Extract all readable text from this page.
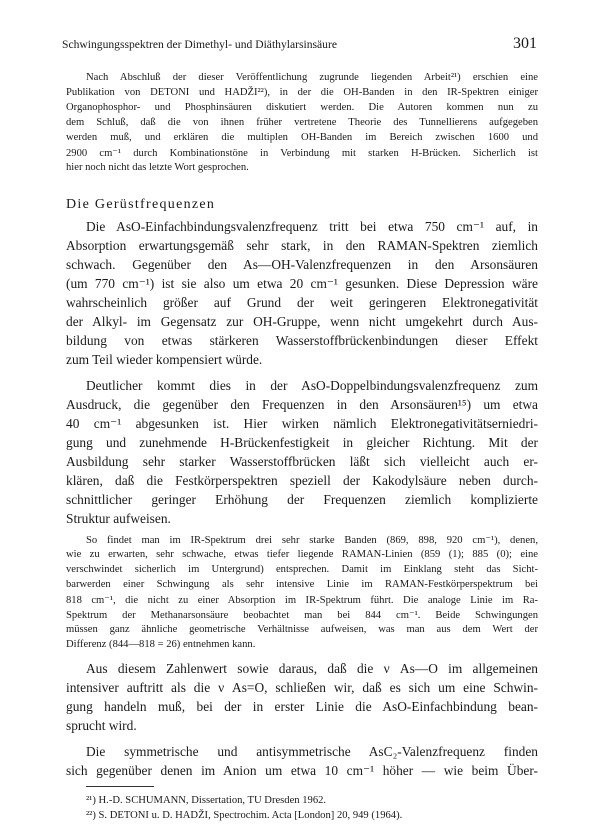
Schwingungsspektren der Dimethyl- und Diäthylarsinsäure	301
Nach Abschluß der dieser Veröffentlichung zugrunde liegenden Arbeit²¹) erschien eine
Publikation von DETONI und HADŽI²²), in der die OH-Banden in den IR-Spektren einiger
Organophosphor- und Phosphinsäuren diskutiert werden. Die Autoren kommen nun zu
dem Schluß, daß die von ihnen früher vertretene Theorie des Tunnellierens aufgegeben
werden muß, und erklären die multiplen OH-Banden im Bereich zwischen 1600 und
2900 cm⁻¹ durch Kombinationstöne in Verbindung mit starken H-Brücken. Sicherlich ist
hier noch nicht das letzte Wort gesprochen.
Die Gerüstfrequenzen
Die AsO-Einfachbindungsvalenzfrequenz tritt bei etwa 750 cm⁻¹ auf, in
Absorption erwartungsgemäß sehr stark, in den RAMAN-Spektren ziemlich
schwach. Gegenüber den As—OH-Valenzfrequenzen in den Arsonsäuren
(um 770 cm⁻¹) ist sie also um etwa 20 cm⁻¹ gesunken. Diese Depression wäre
wahrscheinlich größer auf Grund der weit geringeren Elektronegativität
der Alkyl- im Gegensatz zur OH-Gruppe, wenn nicht umgekehrt durch Aus-
bildung von etwas stärkeren Wasserstoffbrückenbindungen dieser Effekt
zum Teil wieder kompensiert würde.
Deutlicher kommt dies in der AsO-Doppelbindungsvalenzfrequenz zum
Ausdruck, die gegenüber den Frequenzen in den Arsonsäuren¹⁵) um etwa
40 cm⁻¹ abgesunken ist. Hier wirken nämlich Elektronegativitätserniedri-
gung und zunehmende H-Brückenfestigkeit in gleicher Richtung. Mit der
Ausbildung sehr starker Wasserstoffbrücken läßt sich vielleicht auch er-
klären, daß die Festkörperspektren speziell der Kakodylsäure neben durch-
schnittlicher geringer Erhöhung der Frequenzen ziemlich komplizierte
Struktur aufweisen.
So findet man im IR-Spektrum drei sehr starke Banden (869, 898, 920 cm⁻¹), denen,
wie zu erwarten, sehr schwache, etwas tiefer liegende RAMAN-Linien (859 (1); 885 (0); eine
verschwindet sicherlich im Untergrund) entsprechen. Damit im Einklang steht das Sicht-
barwerden einer Schwingung als sehr intensive Linie im RAMAN-Festkörperspektrum bei
818 cm⁻¹, die nicht zu einer Absorption im IR-Spektrum führt. Die analoge Linie im Ra-
Spektrum der Methanarsonsäure beobachtet man bei 844 cm⁻¹. Beide Schwingungen
müssen ganz ähnliche geometrische Verhältnisse aufweisen, was man aus dem Wert der
Differenz (844—818 = 26) entnehmen kann.
Aus diesem Zahlenwert sowie daraus, daß die ν As—O im allgemeinen
intensiver auftritt als die ν As=O, schließen wir, daß es sich um eine Schwin-
gung handeln muß, bei der in erster Linie die AsO-Einfachbindung bean-
sprucht wird.
Die symmetrische und antisymmetrische AsC₂-Valenzfrequenz finden
sich gegenüber denen im Anion um etwa 10 cm⁻¹ höher — wie beim Über-
²¹) H.-D. SCHUMANN, Dissertation, TU Dresden 1962.
²²) S. DETONI u. D. HADŽI, Spectrochim. Acta [London] 20, 949 (1964).
